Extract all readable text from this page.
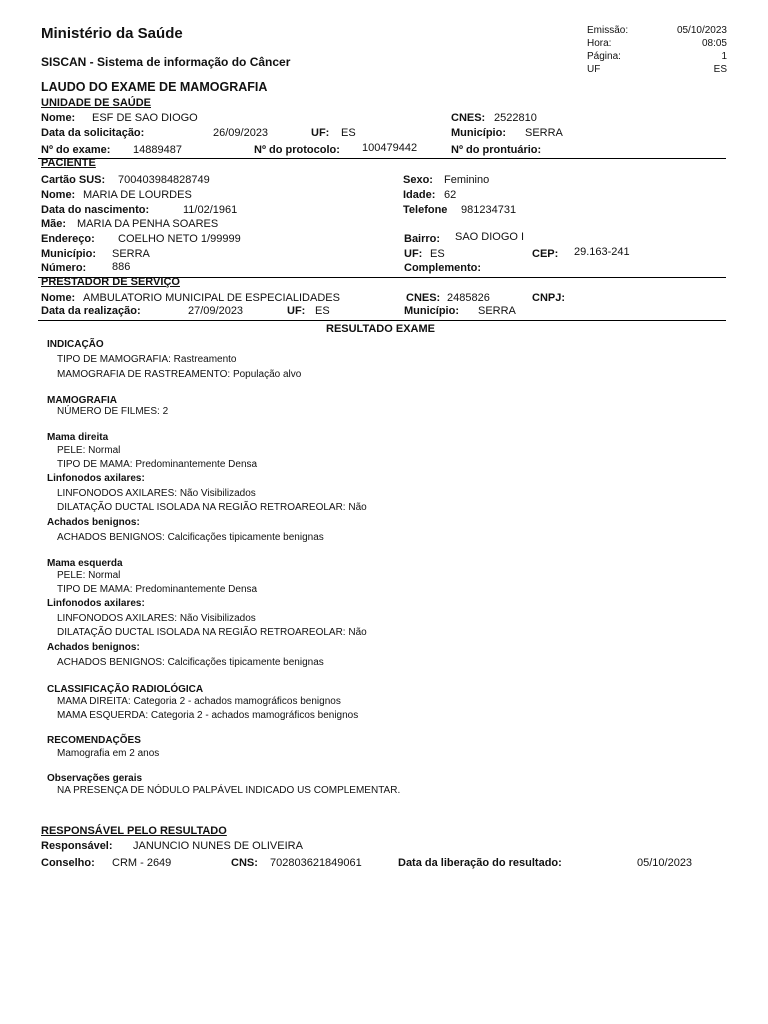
Ministério da Saúde
SISCAN - Sistema de informação do Câncer
LAUDO DO EXAME DE MAMOGRAFIA
Emissão:	05/10/2023
Hora:	08:05
Página:	1
UF	ES
UNIDADE DE SAÚDE
Nome: ESF DE SAO DIOGO	CNES: 2522810
Data da solicitação:	26/09/2023	UF: ES	Município: SERRA
Nº do exame: 14889487	Nº do protocolo: 100479442	Nº do prontuário:
PACIENTE
Cartão SUS: 700403984828749	Sexo: Feminino
Nome: MARIA DE LOURDES	Idade: 62
Data do nascimento:	11/02/1961	Telefone 981234731
Mãe: MARIA DA PENHA SOARES
Endereço: COELHO NETO 1/99999	Bairro: SAO DIOGO I
Município: SERRA	UF: ES	CEP: 29.163-241
Número: 886	Complemento:
PRESTADOR DE SERVIÇO
Nome: AMBULATORIO MUNICIPAL DE ESPECIALIDADES	CNES: 2485826	CNPJ:
Data da realização:	27/09/2023	UF: ES	Município: SERRA
RESULTADO EXAME
INDICAÇÃO
TIPO DE MAMOGRAFIA: Rastreamento
MAMOGRAFIA DE RASTREAMENTO: População alvo
MAMOGRAFIA
NÚMERO DE FILMES: 2
Mama direita
PELE: Normal
TIPO DE MAMA: Predominantemente Densa
Linfonodos axilares:
LINFONODOS AXILARES: Não Visibilizados
DILATAÇÃO DUCTAL ISOLADA NA REGIÃO RETROAREOLAR: Não
Achados benignos:
ACHADOS BENIGNOS: Calcificações tipicamente benignas
Mama esquerda
PELE: Normal
TIPO DE MAMA: Predominantemente Densa
Linfonodos axilares:
LINFONODOS AXILARES: Não Visibilizados
DILATAÇÃO DUCTAL ISOLADA NA REGIÃO RETROAREOLAR: Não
Achados benignos:
ACHADOS BENIGNOS: Calcificações tipicamente benignas
CLASSIFICAÇÃO RADIOLÓGICA
MAMA DIREITA: Categoria 2 - achados mamográficos benignos
MAMA ESQUERDA: Categoria 2 - achados mamográficos benignos
RECOMENDAÇÕES
Mamografia em 2 anos
Observações gerais
NA PRESENÇA DE NÓDULO PALPÁVEL INDICADO US COMPLEMENTAR.
RESPONSÁVEL PELO RESULTADO
Responsável: JANUNCIO NUNES DE OLIVEIRA
Conselho: CRM - 2649	CNS: 702803621849061	Data da liberação do resultado:	05/10/2023
